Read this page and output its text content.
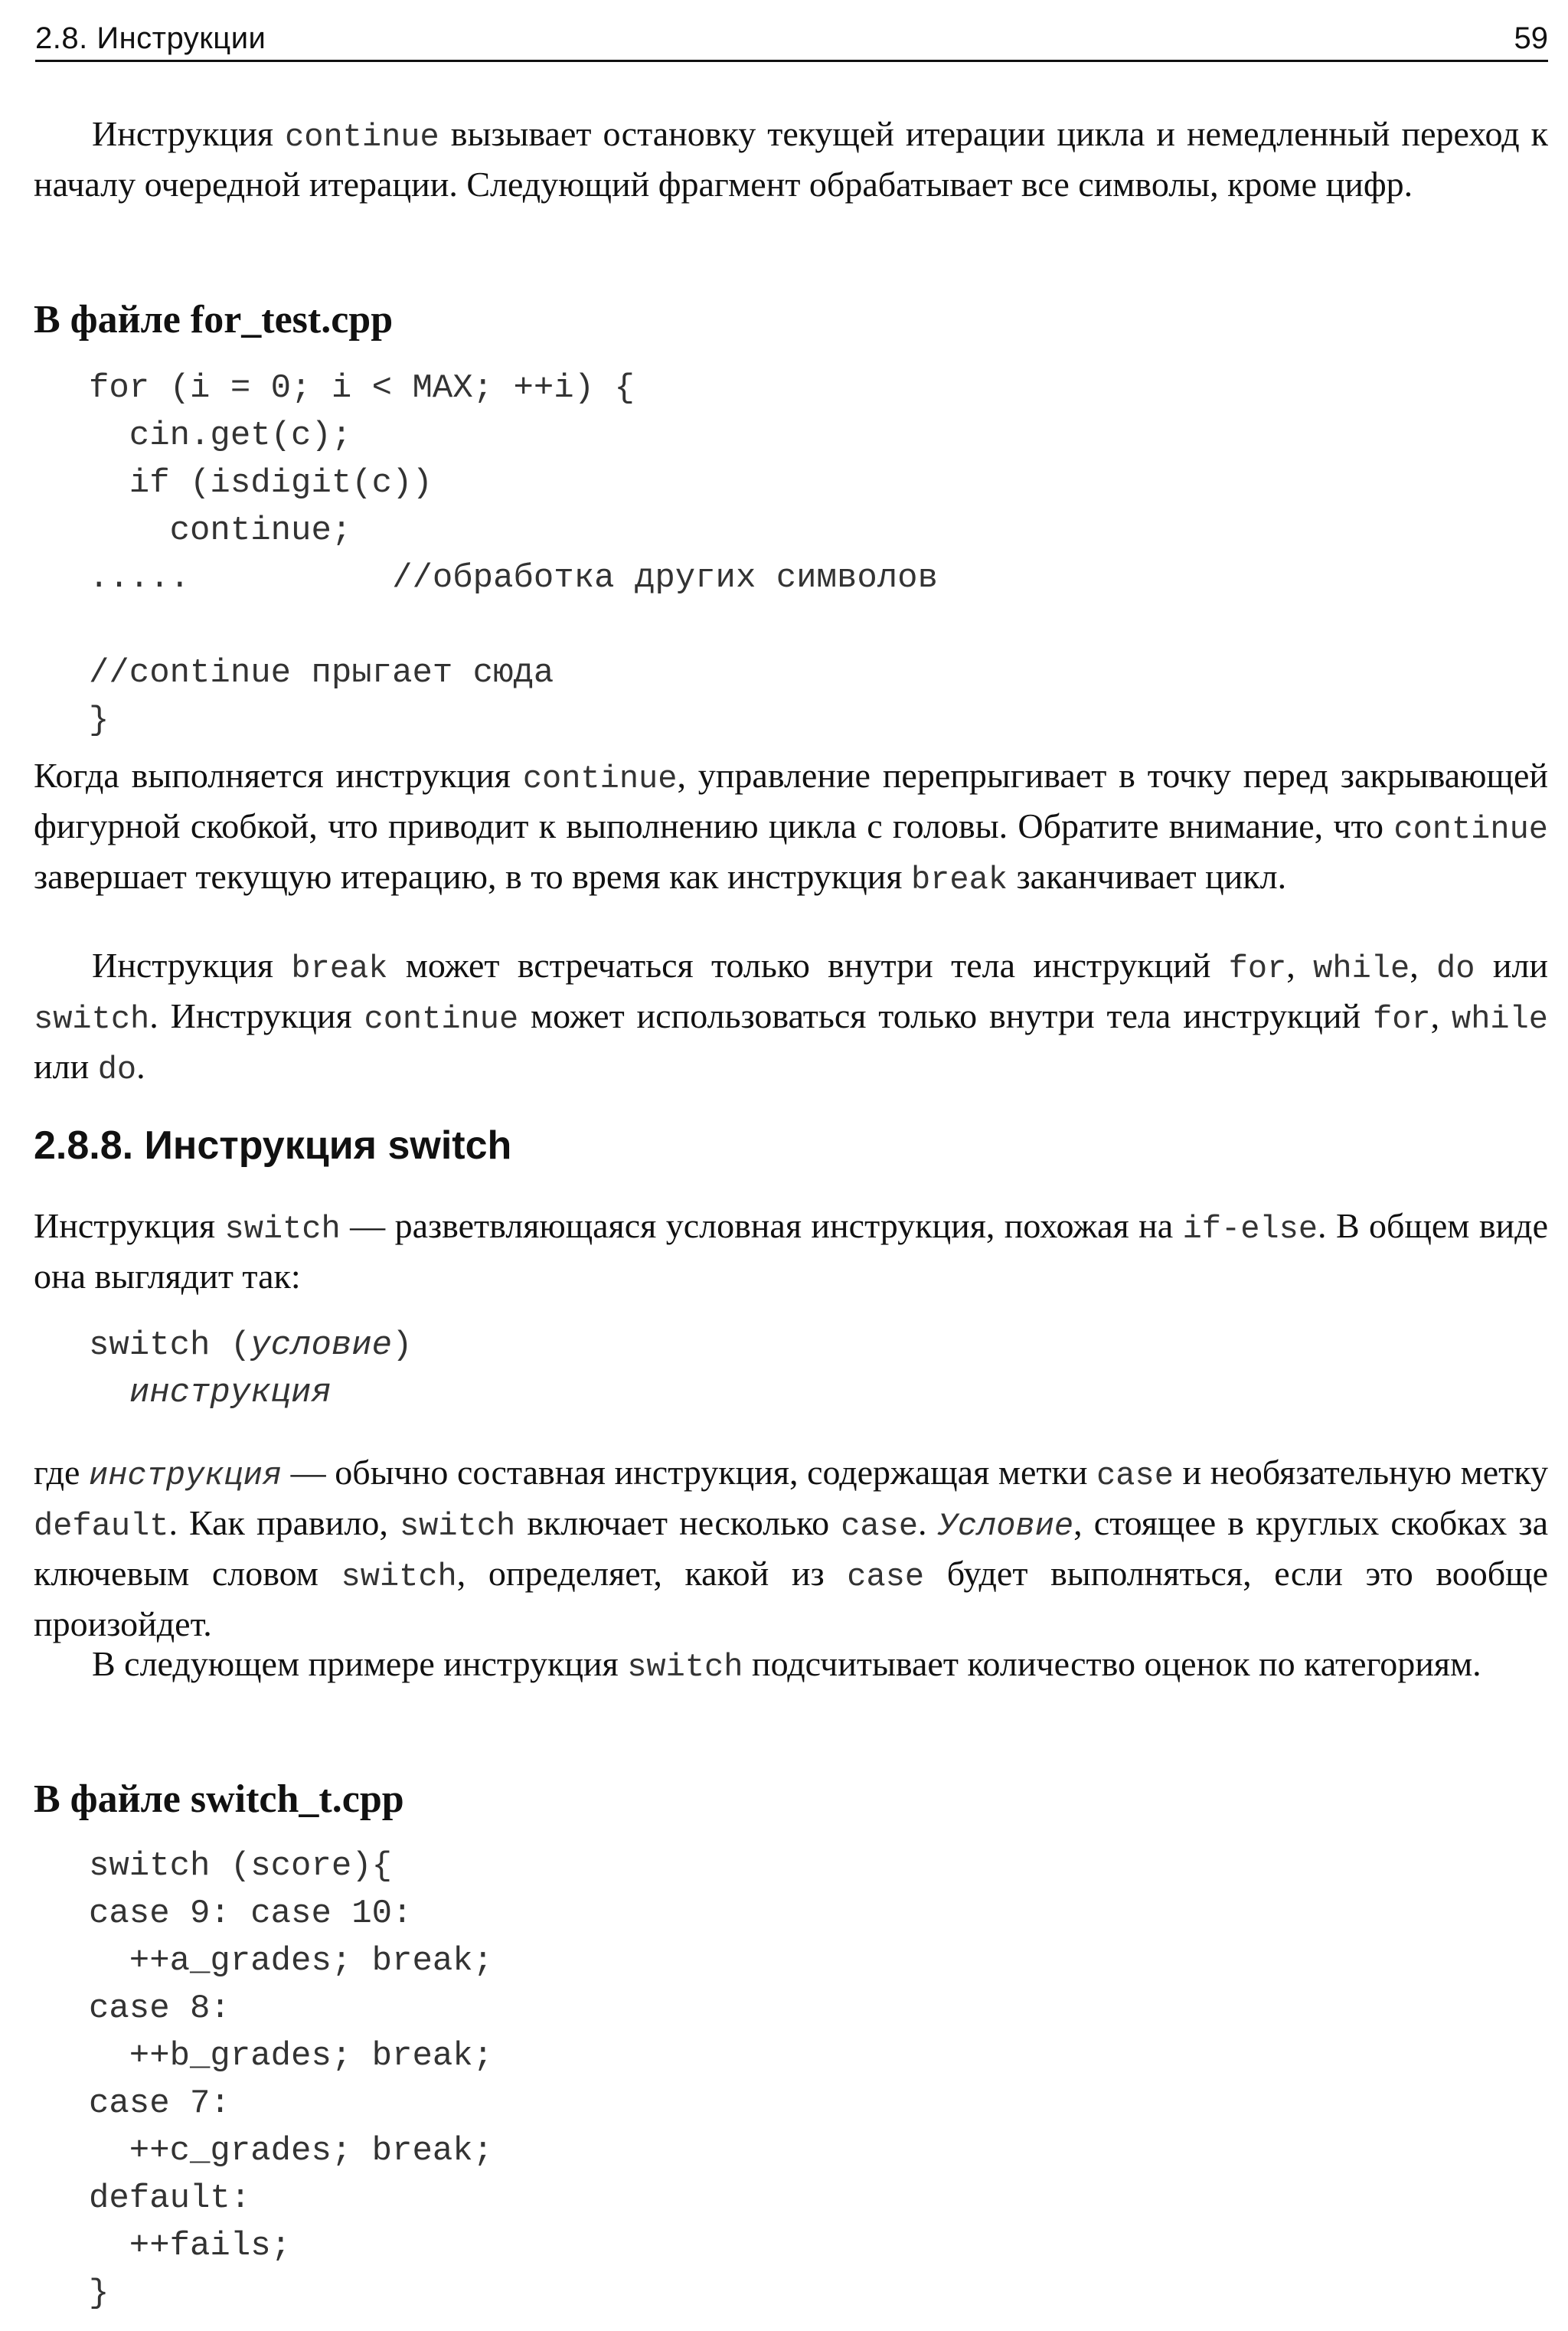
2.8. Инструкции	59

Инструкция continue вызывает остановку текущей итерации цикла и немедленный переход к началу очередной итерации. Следующий фрагмент обрабатывает все символы, кроме цифр.

В файле for_test.cpp
for (i = 0; i < MAX; ++i) {
cin.get(c);
if (isdigit(c))
continue;
.....          //обработка других символов

//continue прыгает сюда
}

Когда выполняется инструкция continue, управление перепрыгивает в точку перед закрывающей фигурной скобкой, что приводит к выполнению цикла с головы. Обратите внимание, что continue завершает текущую итерацию, в то время как инструкция break заканчивает цикл.

Инструкция break может встречаться только внутри тела инструкций for, while, do или switch. Инструкция continue может использоваться только внутри тела инструкций for, while или do.

2.8.8. Инструкция switch

Инструкция switch — разветвляющаяся условная инструкция, похожая на if-else. В общем виде она выглядит так:

switch (условие)
инструкция

где инструкция — обычно составная инструкция, содержащая метки case и необязательную метку default. Как правило, switch включает несколько case. Условие, стоящее в круглых скобках за ключевым словом switch, определяет, какой из case будет выполняться, если это вообще произойдет.

В следующем примере инструкция switch подсчитывает количество оценок по категориям.

В файле switch_t.cpp
switch (score){
case 9: case 10:
++a_grades; break;
case 8:
++b_grades; break;
case 7:
++c_grades; break;
default:
++fails;
}
